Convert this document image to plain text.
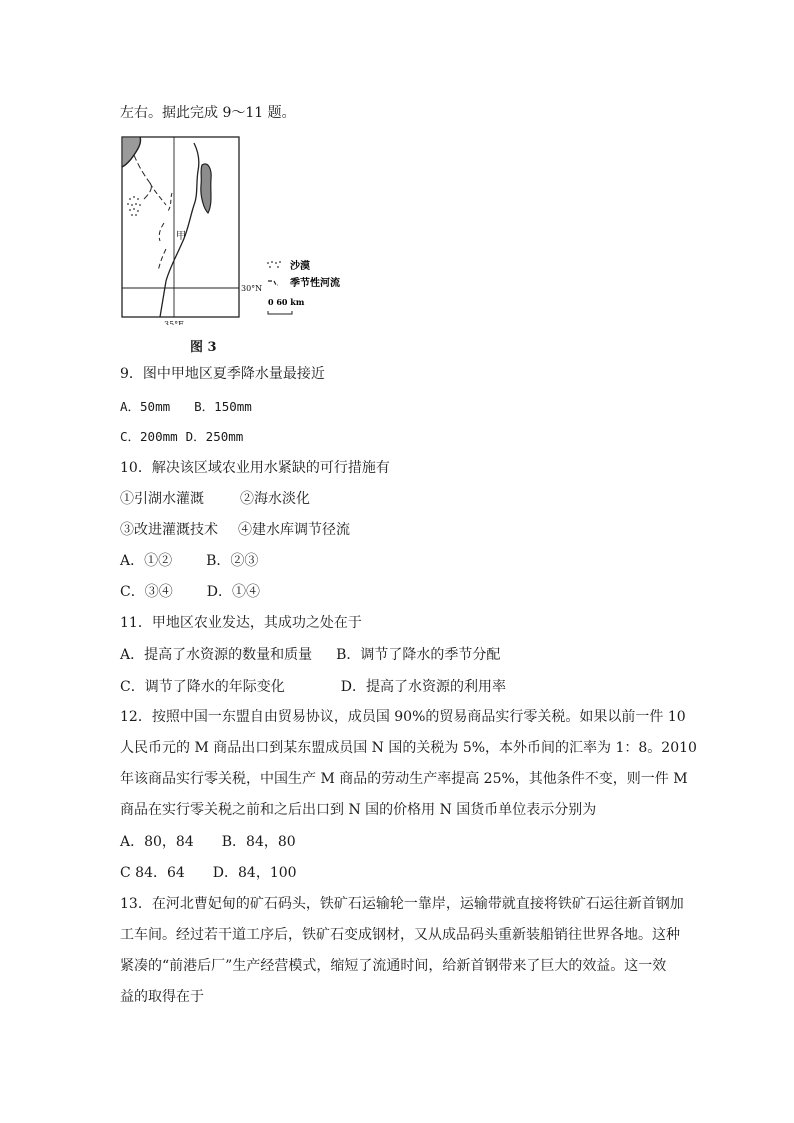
左右。据此完成 9～11 题。
甲
30°N
35°E
沙漠
季节性河流
0 60 km
图 3
9．图中甲地区夏季降水量最接近
A．50mm B．150mm
C．200mm D．250mm
10．解决该区域农业用水紧缺的可行措施有
①引湖水灌溉	②海水淡化
③改进灌溉技术 ④建水库调节径流
A．①② B．②③
C．③④ D．①④
11．甲地区农业发达，其成功之处在于
A．提高了水资源的数量和质量 B．调节了降水的季节分配
C．调节了降水的年际变化	D．提高了水资源的利用率
12．按照中国一东盟自由贸易协议，成员国 90%的贸易商品实行零关税。如果以前一件 10
人民币元的 M 商品出口到某东盟成员国 N 国的关税为 5%，本外币间的汇率为 1：8。2010
年该商品实行零关税，中国生产 M 商品的劳动生产率提高 25%，其他条件不变，则一件 M
商品在实行零关税之前和之后出口到 N 国的价格用 N 国货币单位表示分别为
A．80，84 B．84，80
C 84．64 D．84，100
13．在河北曹妃甸的矿石码头，铁矿石运输轮一靠岸，运输带就直接将铁矿石运往新首钢加
工车间。经过若干道工序后，铁矿石变成钢材，又从成品码头重新装船销往世界各地。这种
紧凑的“前港后厂”生产经营模式，缩短了流通时间，给新首钢带来了巨大的效益。这一效
益的取得在于
